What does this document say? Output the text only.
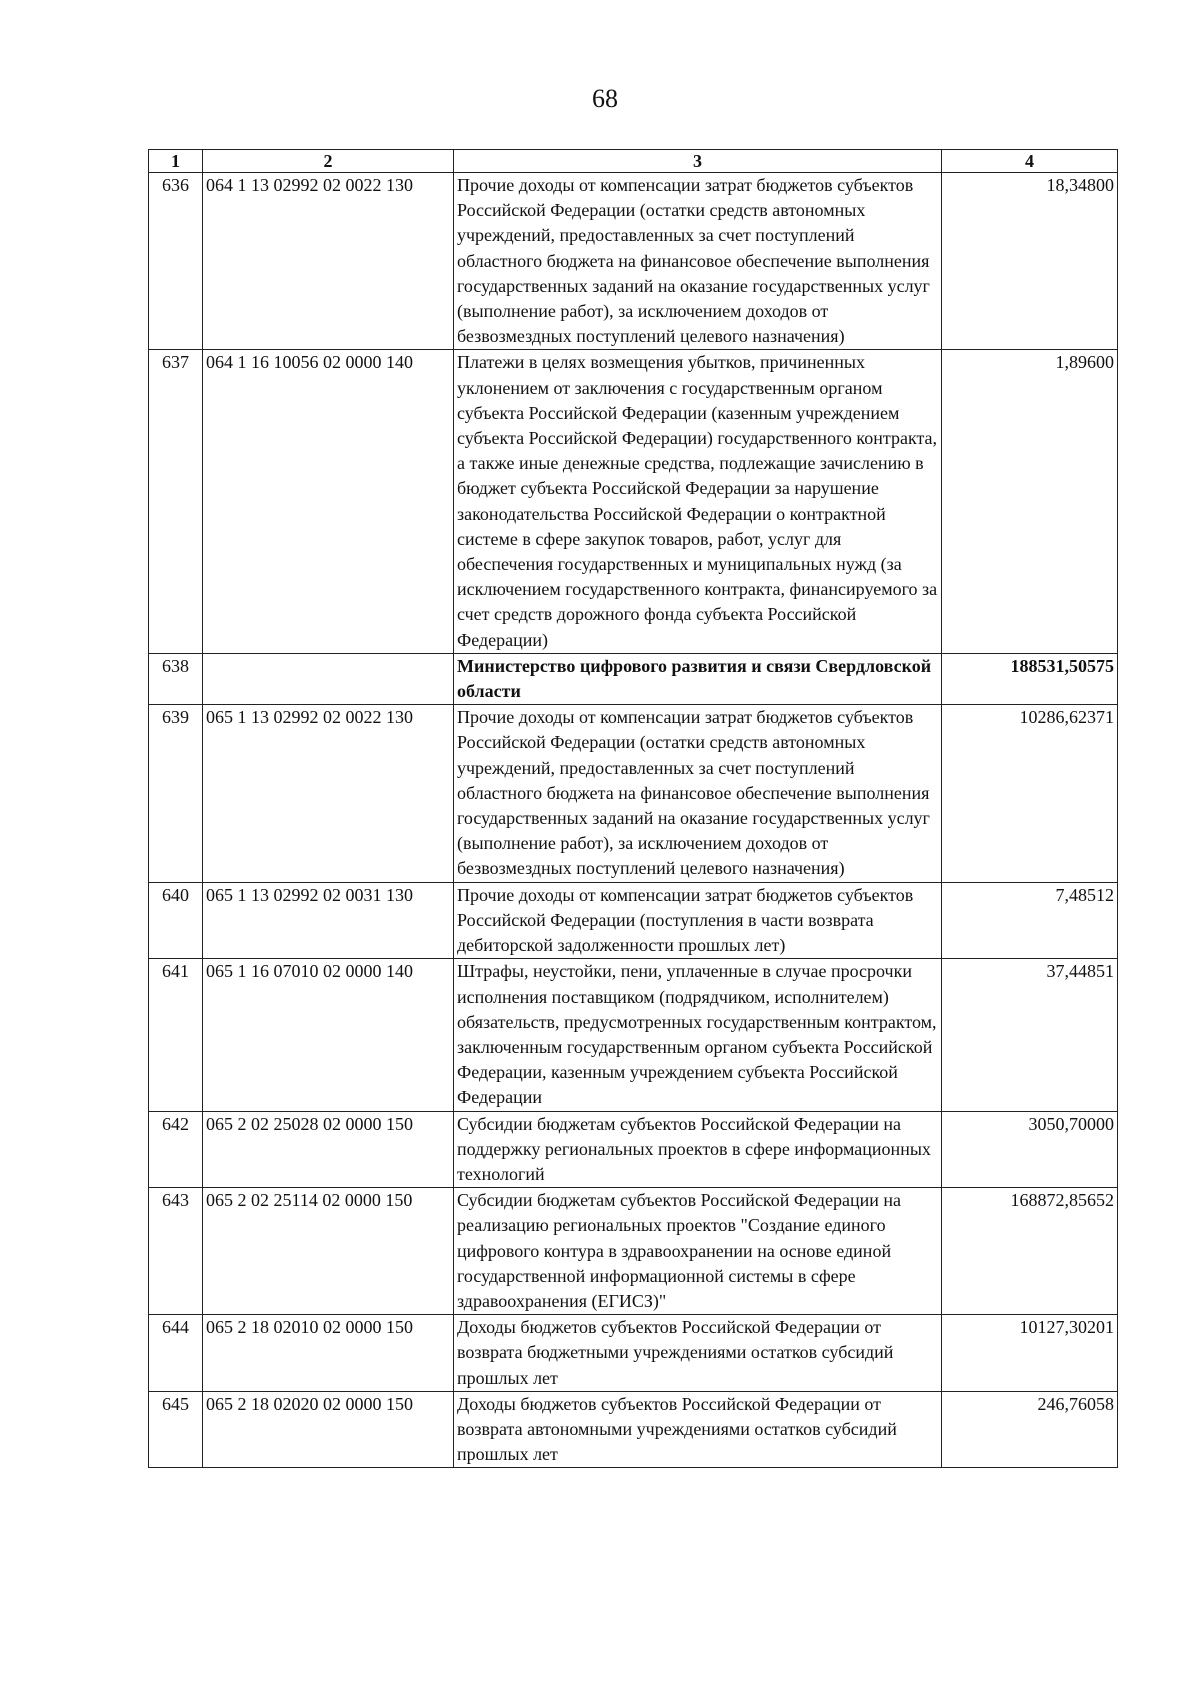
68
1	2	3	4
636	064 1 13 02992 02 0022 130	Прочие доходы от компенсации затрат бюджетов субъектов Российской Федерации (остатки средств автономных учреждений, предоставленных за счет поступлений областного бюджета на финансовое обеспечение выполнения государственных заданий на оказание государственных услуг (выполнение работ), за исключением доходов от безвозмездных поступлений целевого назначения)	18,34800
637	064 1 16 10056 02 0000 140	Платежи в целях возмещения убытков, причиненных уклонением от заключения с государственным органом субъекта Российской Федерации (казенным учреждением субъекта Российской Федерации) государственного контракта, а также иные денежные средства, подлежащие зачислению в бюджет субъекта Российской Федерации за нарушение законодательства Российской Федерации о контрактной системе в сфере закупок товаров, работ, услуг для обеспечения государственных и муниципальных нужд (за исключением государственного контракта, финансируемого за счет средств дорожного фонда субъекта Российской Федерации)	1,89600
638		Министерство цифрового развития и связи Свердловской области	188531,50575
639	065 1 13 02992 02 0022 130	Прочие доходы от компенсации затрат бюджетов субъектов Российской Федерации (остатки средств автономных учреждений, предоставленных за счет поступлений областного бюджета на финансовое обеспечение выполнения государственных заданий на оказание государственных услуг (выполнение работ), за исключением доходов от безвозмездных поступлений целевого назначения)	10286,62371
640	065 1 13 02992 02 0031 130	Прочие доходы от компенсации затрат бюджетов субъектов Российской Федерации (поступления в части возврата дебиторской задолженности прошлых лет)	7,48512
641	065 1 16 07010 02 0000 140	Штрафы, неустойки, пени, уплаченные в случае просрочки исполнения поставщиком (подрядчиком, исполнителем) обязательств, предусмотренных государственным контрактом, заключенным государственным органом субъекта Российской Федерации, казенным учреждением субъекта Российской Федерации	37,44851
642	065 2 02 25028 02 0000 150	Субсидии бюджетам субъектов Российской Федерации на поддержку региональных проектов в сфере информационных технологий	3050,70000
643	065 2 02 25114 02 0000 150	Субсидии бюджетам субъектов Российской Федерации на реализацию региональных проектов "Создание единого цифрового контура в здравоохранении на основе единой государственной информационной системы в сфере здравоохранения (ЕГИСЗ)"	168872,85652
644	065 2 18 02010 02 0000 150	Доходы бюджетов субъектов Российской Федерации от возврата бюджетными учреждениями остатков субсидий прошлых лет	10127,30201
645	065 2 18 02020 02 0000 150	Доходы бюджетов субъектов Российской Федерации от возврата автономными учреждениями остатков субсидий прошлых лет	246,76058
